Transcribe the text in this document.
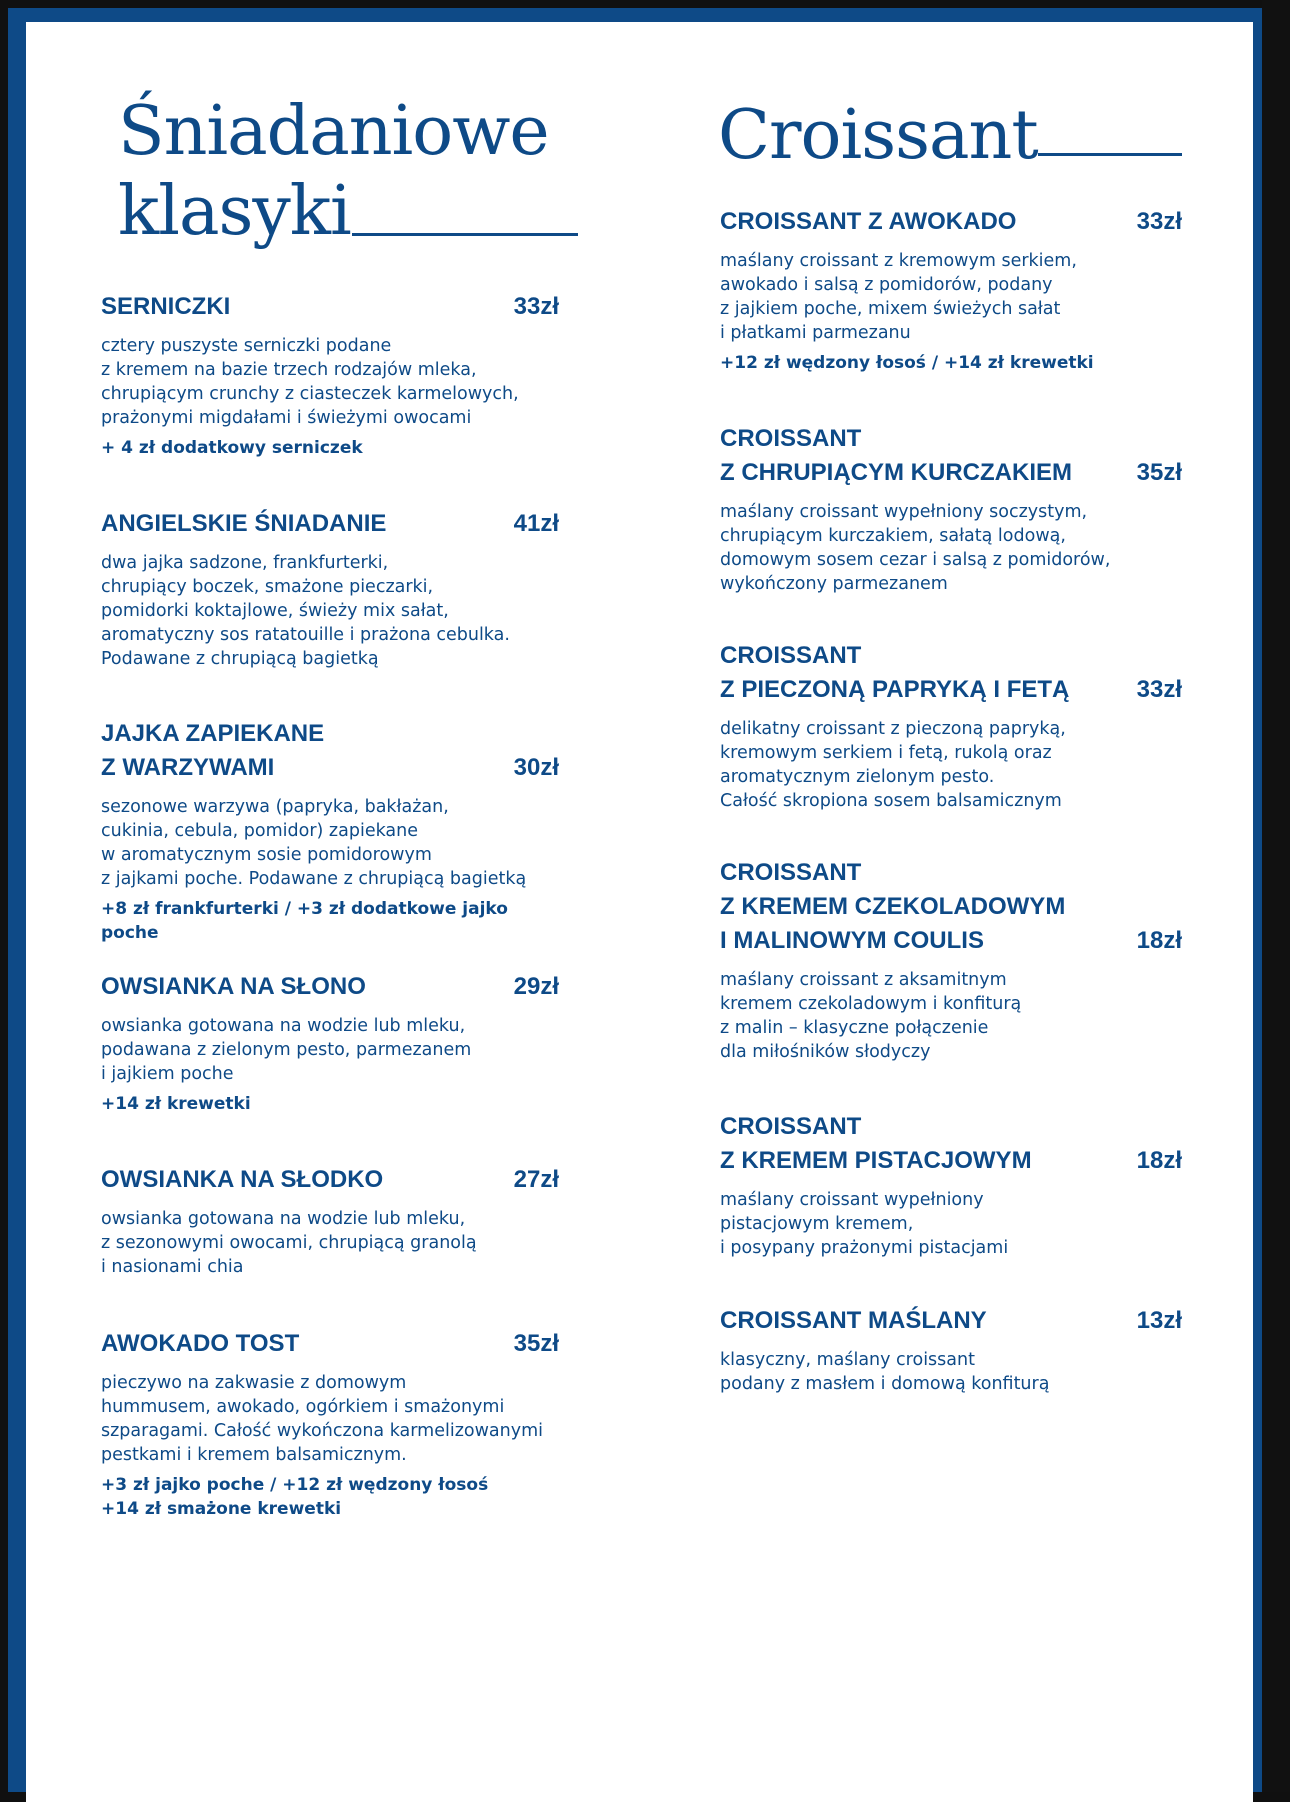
Śniadaniowe
klasyki
Croissant
SERNICZKI	33zł
cztery puszyste serniczki podane
z kremem na bazie trzech rodzajów mleka,
chrupiącym crunchy z ciasteczek karmelowych,
prażonymi migdałami i świeżymi owocami
+ 4 zł dodatkowy serniczek
ANGIELSKIE ŚNIADANIE	41zł
dwa jajka sadzone, frankfurterki,
chrupiący boczek, smażone pieczarki,
pomidorki koktajlowe, świeży mix sałat,
aromatyczny sos ratatouille i prażona cebulka.
Podawane z chrupiącą bagietką
JAJKA ZAPIEKANE
Z WARZYWAMI	30zł
sezonowe warzywa (papryka, bakłażan,
cukinia, cebula, pomidor) zapiekane
w aromatycznym sosie pomidorowym
z jajkami poche. Podawane z chrupiącą bagietką
+8 zł frankfurterki / +3 zł dodatkowe jajko poche
OWSIANKA NA SŁONO	29zł
owsianka gotowana na wodzie lub mleku,
podawana z zielonym pesto, parmezanem
i jajkiem poche
+14 zł krewetki
OWSIANKA NA SŁODKO	27zł
owsianka gotowana na wodzie lub mleku,
z sezonowymi owocami, chrupiącą granolą
i nasionami chia
AWOKADO TOST	35zł
pieczywo na zakwasie z domowym
hummusem, awokado, ogórkiem i smażonymi
szparagami. Całość wykończona karmelizowanymi
pestkami i kremem balsamicznym.
+3 zł jajko poche / +12 zł wędzony łosoś
+14 zł smażone krewetki
CROISSANT Z AWOKADO	33zł
maślany croissant z kremowym serkiem,
awokado i salsą z pomidorów, podany
z jajkiem poche, mixem świeżych sałat
i płatkami parmezanu
+12 zł wędzony łosoś / +14 zł krewetki
CROISSANT
Z CHRUPIĄCYM KURCZAKIEM	35zł
maślany croissant wypełniony soczystym,
chrupiącym kurczakiem, sałatą lodową,
domowym sosem cezar i salsą z pomidorów,
wykończony parmezanem
CROISSANT
Z PIECZONĄ PAPRYKĄ I FETĄ	33zł
delikatny croissant z pieczoną papryką,
kremowym serkiem i fetą, rukolą oraz
aromatycznym zielonym pesto.
Całość skropiona sosem balsamicznym
CROISSANT
Z KREMEM CZEKOLADOWYM
I MALINOWYM COULIS	18zł
maślany croissant z aksamitnym
kremem czekoladowym i konfiturą
z malin – klasyczne połączenie
dla miłośników słodyczy
CROISSANT
Z KREMEM PISTACJOWYM	18zł
maślany croissant wypełniony
pistacjowym kremem,
i posypany prażonymi pistacjami
CROISSANT MAŚLANY	13zł
klasyczny, maślany croissant
podany z masłem i domową konfiturą
